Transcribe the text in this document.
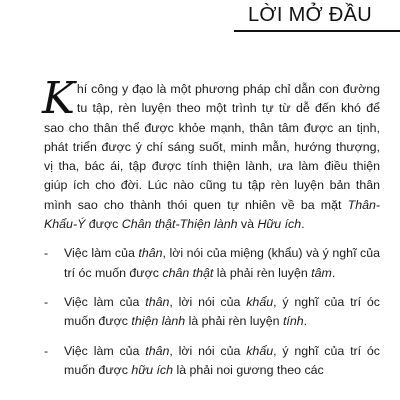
LỜI MỞ ĐẦU

Khí công y đạo là một phương pháp chỉ dẫn con đường tu tập, rèn luyện theo một trình tự từ dễ đến khó để sao cho thân thể được khỏe mạnh, thân tâm được an tịnh, phát triển được ý chí sáng suốt, minh mẫn, hướng thượng, vị tha, bác ái, tập được tính thiện lành, ưa làm điều thiện giúp ích cho đời. Lúc nào cũng tu tập rèn luyện bản thân mình sao cho thành thói quen tự nhiên về ba mặt Thân-Khẩu-Ý được Chân thật-Thiện lành và Hữu ích.

- Việc làm của thân, lời nói của miệng (khẩu) và ý nghĩ của trí óc muốn được chân thật là phải rèn luyện tâm.
- Việc làm của thân, lời nói của khẩu, ý nghĩ của trí óc muốn được thiện lành là phải rèn luyện tính.
- Việc làm của thân, lời nói của khẩu, ý nghĩ của trí óc muốn được hữu ích là phải noi gương theo các
